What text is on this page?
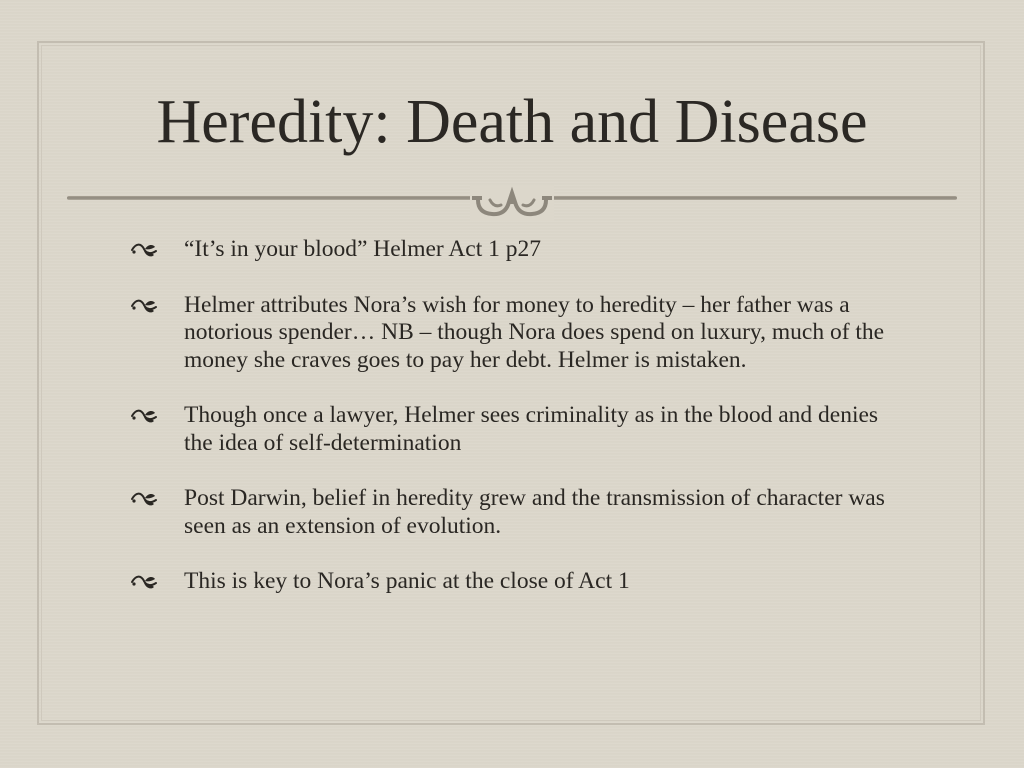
Heredity: Death and Disease
“It’s in your blood” Helmer Act 1 p27
Helmer attributes Nora’s wish for money to heredity – her father was a notorious spender… NB – though Nora does spend on luxury, much of the money she craves goes to pay her debt. Helmer is mistaken.
Though once a lawyer, Helmer sees criminality as in the blood and denies the idea of self-determination
Post Darwin, belief in heredity grew and the transmission of character was seen as an extension of evolution.
This is key to Nora’s panic at the close of Act 1
